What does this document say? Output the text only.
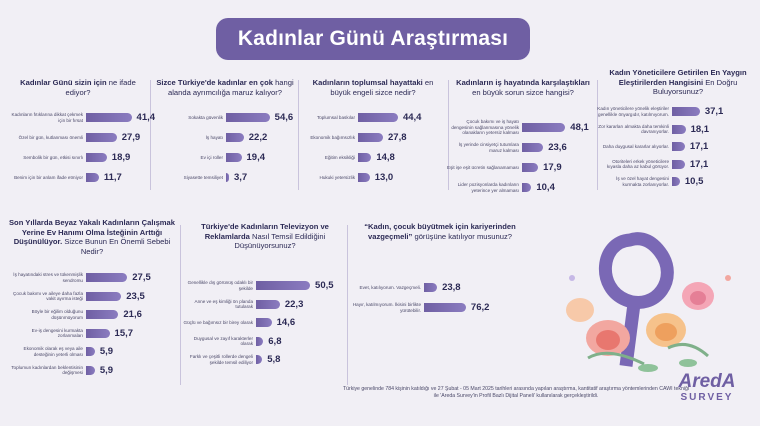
Kadınlar Günü Araştırması
Kadınlar Günü sizin için ne ifade ediyor?
Sizce Türkiye'de kadınlar en çok hangi alanda ayrımcılığa maruz kalıyor?
Kadınların toplumsal hayattaki en büyük engeli sizce nedir?
Kadınların iş hayatında karşılaştıkları en büyük sorun sizce hangisi?
Kadın Yöneticilere Getirilen En Yaygın Eleştirilerden Hangisini En Doğru Buluyorsunuz?
Son Yıllarda Beyaz Yakalı Kadınların Çalışmak Yerine Ev Hanımı Olma İsteğinin Arttığı Düşünülüyor. Sizce Bunun En Önemli Sebebi Nedir?
Türkiye'de Kadınların Televizyon ve Reklamlarda Nasıl Temsil Edildiğini Düşünüyorsunuz?
“Kadın, çocuk büyütmek için kariyerinden vazgeçmeli” görüşüne katılıyor musunuz?
Kadınların fıtıklarına dikkat çekmek için bir fırsat	41,4
Özel bir gün, kutlanması önemli	27,9
Sembolik bir gün, etkisi sınırlı	18,9
Benim için bir anlam ifade etmiyor 11,7
Sokakta güvenlik	54,6
İş hayatı	22,2
Ev içi roller 19,4
Siyasette temsiliyet 3,7
Toplumsal baskılar	44,4
Ekonomik bağımsızlık	27,8
Eğitim eksikliği 14,8
Hukuki yetersizlik 13,0
Çocuk bakımı ve iş hayatı dengesinin sağlanmasına yönelik olanakların yetersiz kalması	48,1
İş yerinde cinsiyetçi tutumlara maruz kalması	23,6
Eşit işe eşit ücretin sağlanamaması	17,9
Lider pozisyonlarda kadınların yeterince yer almaması 10,4
Kadın yöneticilere yönelik eleştiriler genellikle önyargıdır, katılmıyorum.	37,1
Zor kararları almakta daha temkinli davranıyorlar. 18,1
Daha duygusal kararlar alıyorlar. 17,1
Otoriteleri erkek yöneticilere kıyasla daha az kabul görüyor. 17,1
İş ve özel hayat dengesini kurmakta zorlanıyorlar. 10,5
İş hayatındaki stres ve tükenmişlik sendromu	27,5
Çocuk bakımı ve aileye daha fazla vakit ayırma isteği	23,5
Böyle bir eğilim olduğunu düşünmüyorum	21,6
Ev-iş dengesini kurmakta zorlanmaları	15,7
Ekonomik olarak eş veya aile desteğinin yeterli olması 5,9
Toplumun kadınlardan beklentisinin değişmesi 5,9
Genellikle dış görünüş odaklı bir şekilde	50,5
Anne ve eş kimliği ön planda tutularak	22,3
Güçlü ve bağımsız bir birey olarak 14,6
Duygusal ve zayıf karakterler olarak 6,8
Farklı ve çeşitli rollerde dengeli şekilde temsil ediliyor 5,8
Evet, katılıyorum. Vazgeçmeli. 23,8
Hayır, katılmıyorum. İkisini birlikte yürütebilir.	76,2
Türkiye genelinde 784 kişinin katıldığı ve 27 Şubat - 05 Mart 2025 tarihleri arasında yapılan araştırma, kantitatif araştırma yöntemlerinden CAWI tekniği ile 'Areda Survey'in Profil Bazlı Dijital Paneli' kullanılarak gerçekleştirildi.
AredA
SURVEY
